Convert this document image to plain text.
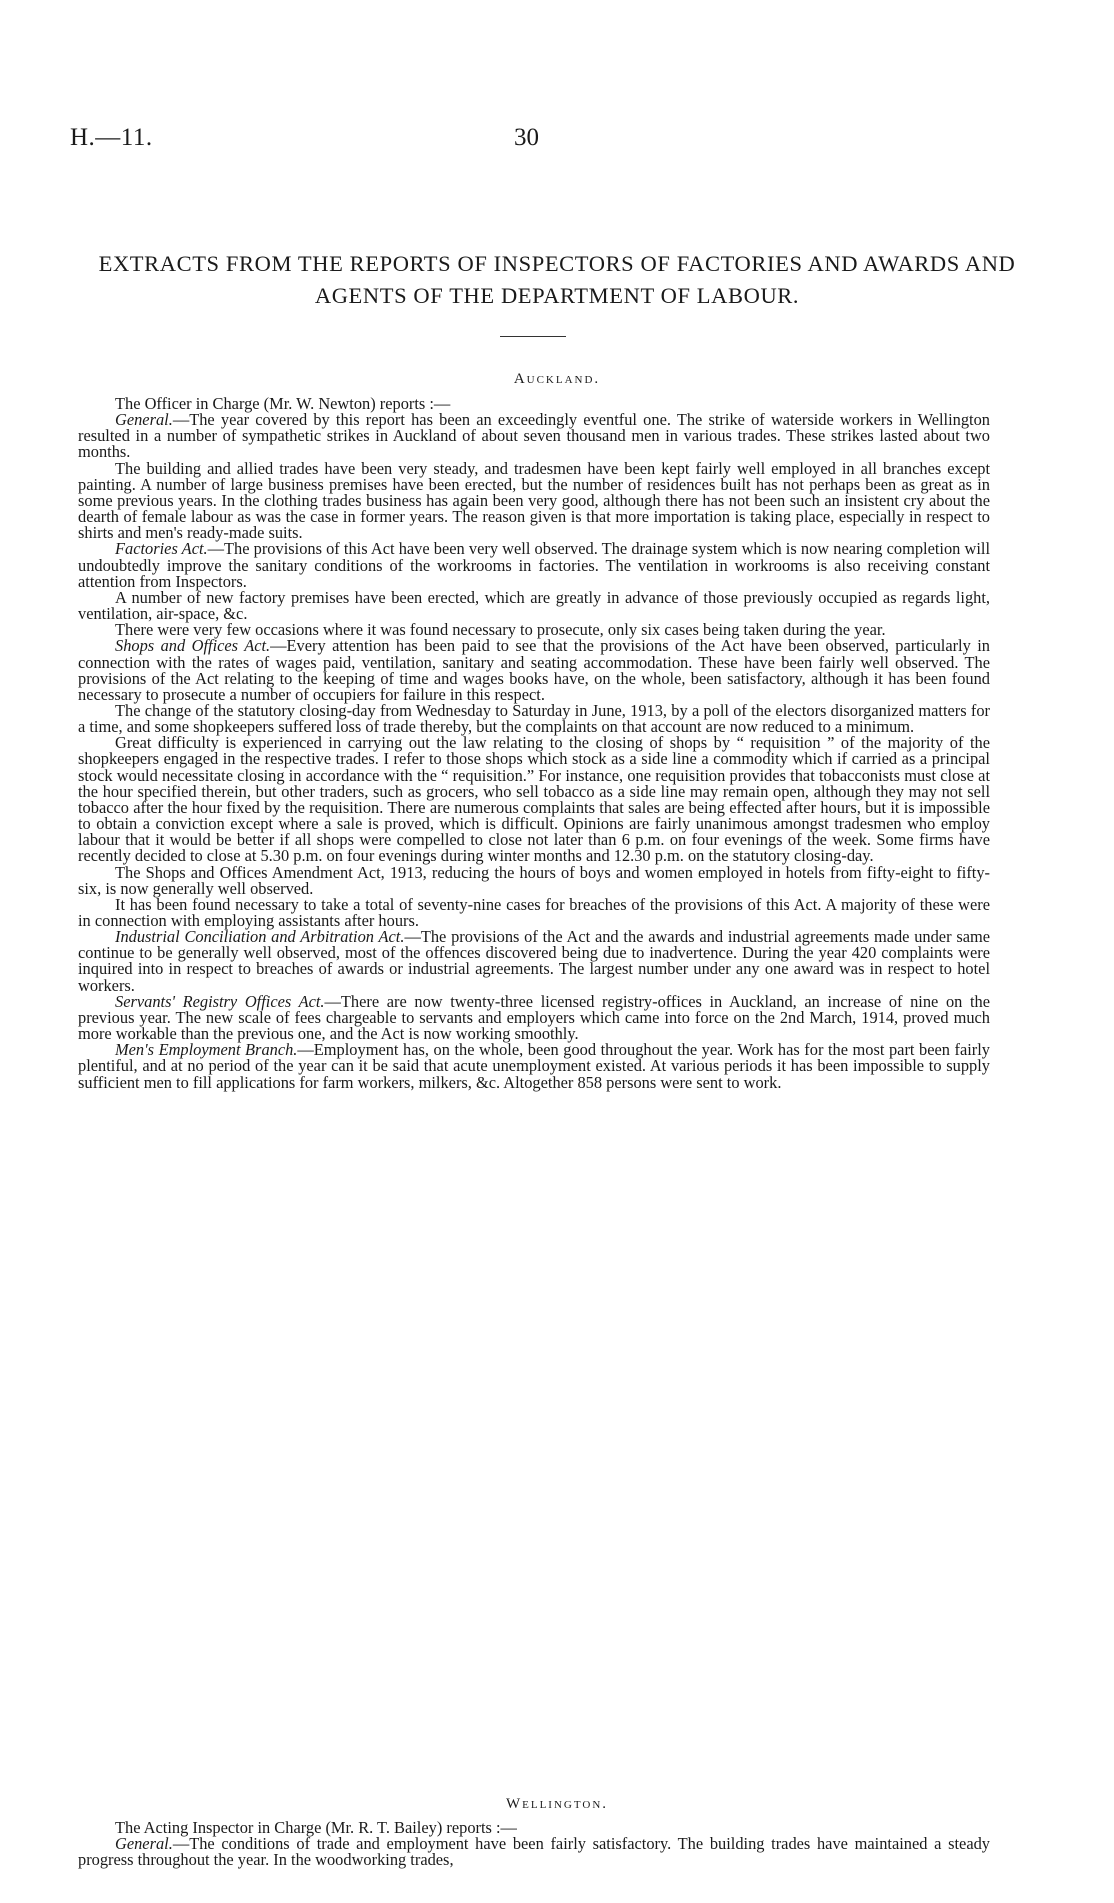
H.—11.	30
EXTRACTS FROM THE REPORTS OF INSPECTORS OF FACTORIES AND AWARDS AND AGENTS OF THE DEPARTMENT OF LABOUR.
Auckland.

The Officer in Charge (Mr. W. Newton) reports :—

General.—The year covered by this report has been an exceedingly eventful one. The strike of waterside workers in Wellington resulted in a number of sympathetic strikes in Auckland of about seven thousand men in various trades. These strikes lasted about two months.

The building and allied trades have been very steady, and tradesmen have been kept fairly well employed in all branches except painting. A number of large business premises have been erected, but the number of residences built has not perhaps been as great as in some previous years. In the clothing trades business has again been very good, although there has not been such an insistent cry about the dearth of female labour as was the case in former years. The reason given is that more importation is taking place, especially in respect to shirts and men's ready-made suits.

Factories Act.—The provisions of this Act have been very well observed. The drainage system which is now nearing completion will undoubtedly improve the sanitary conditions of the workrooms in factories. The ventilation in workrooms is also receiving constant attention from Inspectors.

A number of new factory premises have been erected, which are greatly in advance of those previously occupied as regards light, ventilation, air-space, &c.

There were very few occasions where it was found necessary to prosecute, only six cases being taken during the year.

Shops and Offices Act.—Every attention has been paid to see that the provisions of the Act have been observed, particularly in connection with the rates of wages paid, ventilation, sanitary and seating accommodation. These have been fairly well observed. The provisions of the Act relating to the keeping of time and wages books have, on the whole, been satisfactory, although it has been found necessary to prosecute a number of occupiers for failure in this respect.

The change of the statutory closing-day from Wednesday to Saturday in June, 1913, by a poll of the electors disorganized matters for a time, and some shopkeepers suffered loss of trade thereby, but the complaints on that account are now reduced to a minimum.

Great difficulty is experienced in carrying out the law relating to the closing of shops by “ requisition ” of the majority of the shopkeepers engaged in the respective trades. I refer to those shops which stock as a side line a commodity which if carried as a principal stock would necessitate closing in accordance with the “ requisition.” For instance, one requisition provides that tobacconists must close at the hour specified therein, but other traders, such as grocers, who sell tobacco as a side line may remain open, although they may not sell tobacco after the hour fixed by the requisition. There are numerous complaints that sales are being effected after hours, but it is impossible to obtain a conviction except where a sale is proved, which is difficult. Opinions are fairly unanimous amongst tradesmen who employ labour that it would be better if all shops were compelled to close not later than 6 p.m. on four evenings of the week. Some firms have recently decided to close at 5.30 p.m. on four evenings during winter months and 12.30 p.m. on the statutory closing-day.

The Shops and Offices Amendment Act, 1913, reducing the hours of boys and women employed in hotels from fifty-eight to fifty-six, is now generally well observed.

It has been found necessary to take a total of seventy-nine cases for breaches of the provisions of this Act. A majority of these were in connection with employing assistants after hours.

Industrial Conciliation and Arbitration Act.—The provisions of the Act and the awards and industrial agreements made under same continue to be generally well observed, most of the offences discovered being due to inadvertence. During the year 420 complaints were inquired into in respect to breaches of awards or industrial agreements. The largest number under any one award was in respect to hotel workers.

Servants' Registry Offices Act.—There are now twenty-three licensed registry-offices in Auckland, an increase of nine on the previous year. The new scale of fees chargeable to servants and employers which came into force on the 2nd March, 1914, proved much more workable than the previous one, and the Act is now working smoothly.

Men's Employment Branch.—Employment has, on the whole, been good throughout the year. Work has for the most part been fairly plentiful, and at no period of the year can it be said that acute unemployment existed. At various periods it has been impossible to supply sufficient men to fill applications for farm workers, milkers, &c. Altogether 858 persons were sent to work.

Wellington.

The Acting Inspector in Charge (Mr. R. T. Bailey) reports :—

General.—The conditions of trade and employment have been fairly satisfactory. The building trades have maintained a steady progress throughout the year. In the woodworking trades,
